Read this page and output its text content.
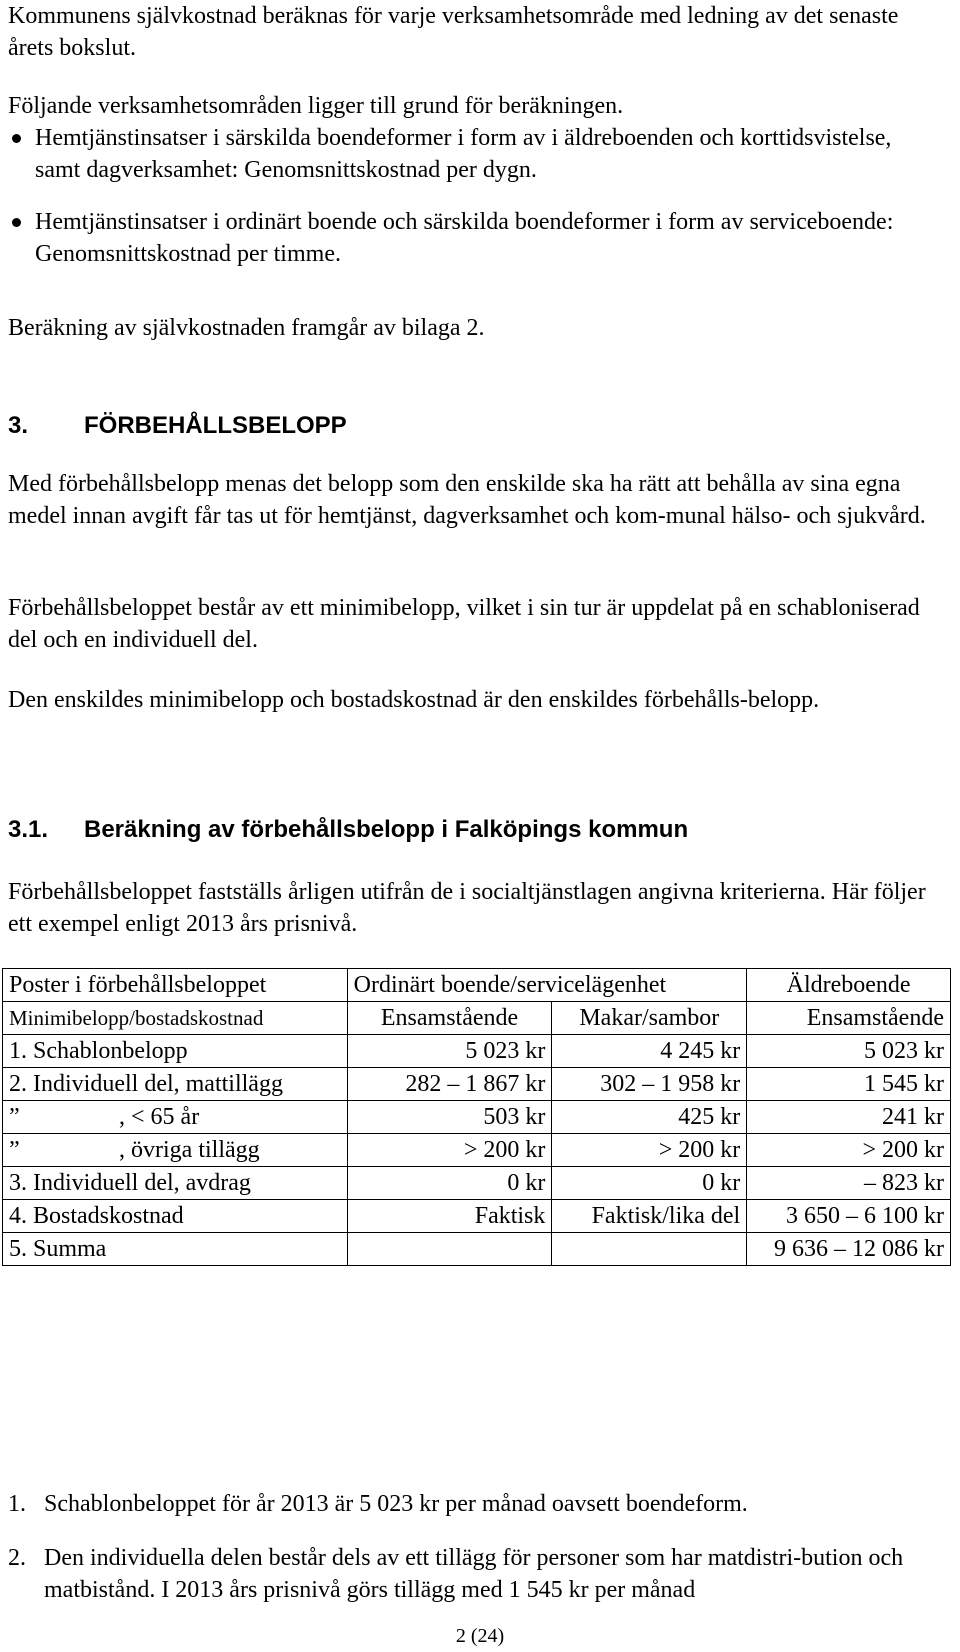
Kommunens självkostnad beräknas för varje verksamhetsområde med ledning av det senaste årets bokslut.

Följande verksamhetsområden ligger till grund för beräkningen.

Hemtjänstinsatser i särskilda boendeformer i form av i äldreboenden och korttidsvistelse, samt dagverksamhet: Genomsnittskostnad per dygn.
Hemtjänstinsatser i ordinärt boende och särskilda boendeformer i form av serviceboende: Genomsnittskostnad per timme.

Beräkning av självkostnaden framgår av bilaga 2.

3. FÖRBEHÅLLSBELOPP

Med förbehållsbelopp menas det belopp som den enskilde ska ha rätt att behålla av sina egna medel innan avgift får tas ut för hemtjänst, dagverksamhet och kom-munal hälso- och sjukvård.

Förbehållsbeloppet består av ett minimibelopp, vilket i sin tur är uppdelat på en schabloniserad del och en individuell del.

Den enskildes minimibelopp och bostadskostnad är den enskildes förbehålls-belopp.

3.1. Beräkning av förbehållsbelopp i Falköpings kommun

Förbehållsbeloppet fastställs årligen utifrån de i socialtjänstlagen angivna kriterierna. Här följer ett exempel enligt 2013 års prisnivå.

Poster i förbehållsbeloppet	Ordinärt boende/servicelägenhet		Äldreboende
Minimibelopp/bostadskostnad	Ensamstående	Makar/sambor	Ensamstående
1. Schablonbelopp	5 023 kr	4 245 kr	5 023 kr
2. Individuell del, mattillägg	282 – 1 867 kr	302 – 1 958 kr	1 545 kr
” , < 65 år	503 kr	425 kr	241 kr
” , övriga tillägg	> 200 kr	> 200 kr	> 200 kr
3. Individuell del, avdrag	0 kr	0 kr	– 823 kr
4. Bostadskostnad	Faktisk	Faktisk/lika del	3 650 – 6 100 kr
5. Summa			9 636 – 12 086 kr
1. Schablonbeloppet för år 2013 är 5 023 kr per månad oavsett boendeform.
2. Den individuella delen består dels av ett tillägg för personer som har matdistri-bution och matbistånd. I 2013 års prisnivå görs tillägg med 1 545 kr per månad
2 (24)
